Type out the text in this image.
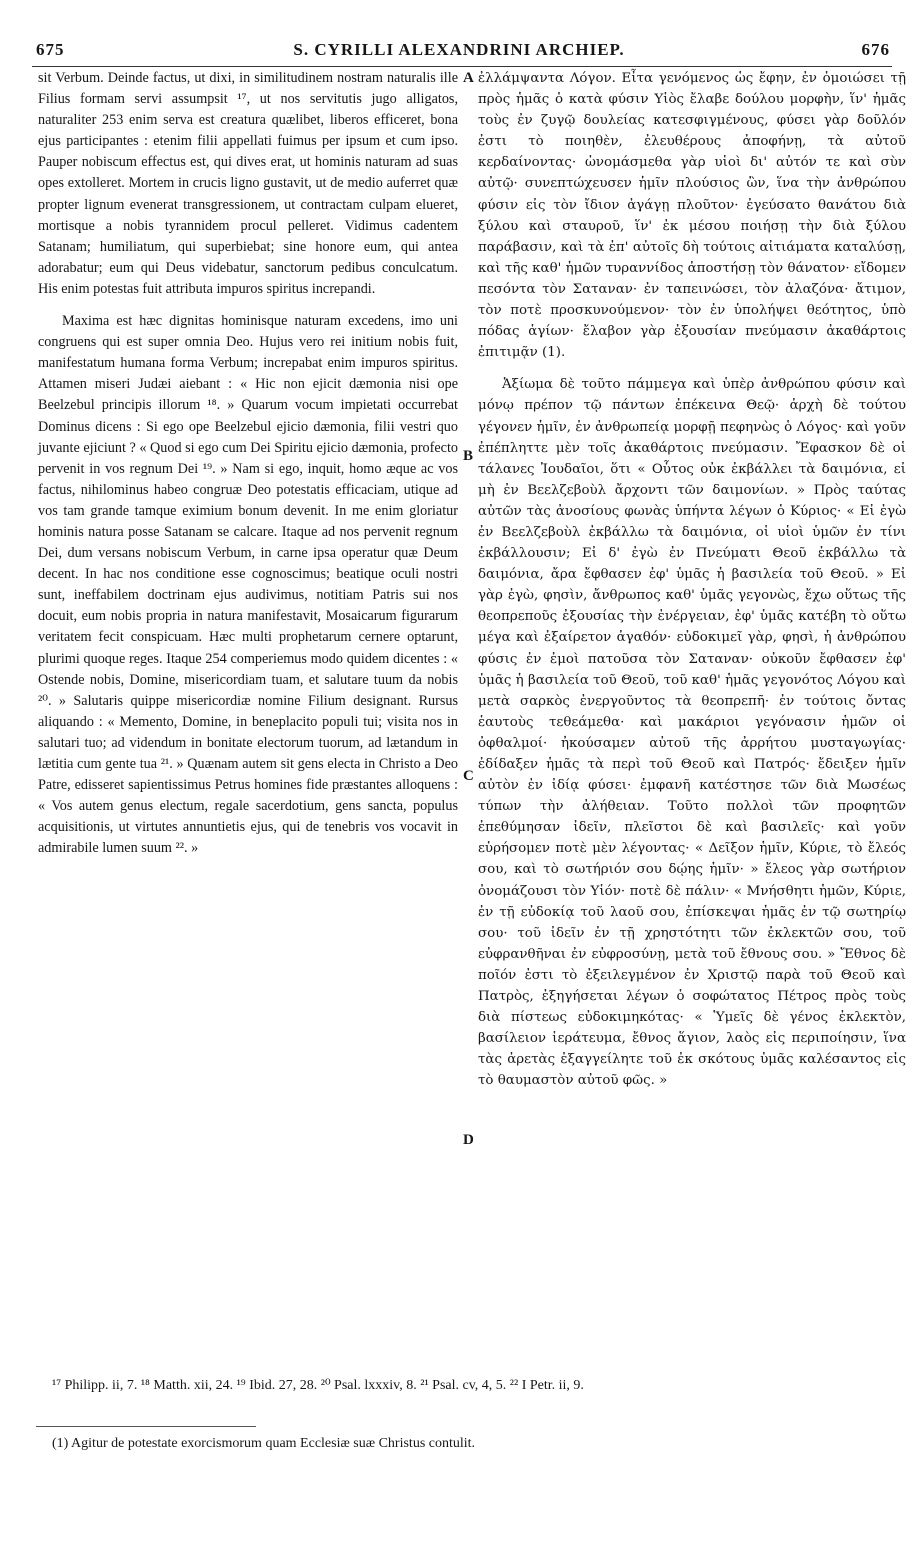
675	S. CYRILLI ALEXANDRINI ARCHIEP.	676
A
B
C
D

sit Verbum. Deinde factus, ut dixi, in similitudinem nostram naturalis ille Filius formam servi assumpsit ¹⁷, ut nos servitutis jugo alligatos, naturaliter 253 enim serva est creatura quælibet, liberos efficeret, bona ejus participantes : etenim filii appellati fuimus per ipsum et cum ipso. Pauper nobiscum effectus est, qui dives erat, ut hominis naturam ad suas opes extolleret. Mortem in crucis ligno gustavit, ut de medio auferret quæ propter lignum evenerat transgressionem, ut contractam culpam elueret, mortisque a nobis tyrannidem procul pelleret. Vidimus cadentem Satanam; humiliatum, qui superbiebat; sine honore eum, qui antea adorabatur; eum qui Deus videbatur, sanctorum pedibus conculcatum. His enim potestas fuit attributa impuros spiritus increpandi.

Maxima est hæc dignitas hominisque naturam excedens, imo uni congruens qui est super omnia Deo. Hujus vero rei initium nobis fuit, manifestatum humana forma Verbum; increpabat enim impuros spiritus. Attamen miseri Judæi aiebant : « Hic non ejicit dæmonia nisi ope Beelzebul principis illorum ¹⁸. » Quarum vocum impietati occurrebat Dominus dicens : Si ego ope Beelzebul ejicio dæmonia, filii vestri quo juvante ejiciunt ? « Quod si ego cum Dei Spiritu ejicio dæmonia, profecto pervenit in vos regnum Dei ¹⁹. » Nam si ego, inquit, homo æque ac vos factus, nihilominus habeo congruæ Deo potestatis efficaciam, utique ad vos tam grande tamque eximium bonum devenit. In me enim gloriatur hominis natura posse Satanam se calcare. Itaque ad nos pervenit regnum Dei, dum versans nobiscum Verbum, in carne ipsa operatur quæ Deum decent. In hac nos conditione esse cognoscimus; beatique oculi nostri sunt, ineffabilem doctrinam ejus audivimus, notitiam Patris sui nos docuit, eum nobis propria in natura manifestavit, Mosaicarum figurarum veritatem fecit conspicuam. Hæc multi prophetarum cernere optarunt, plurimi quoque reges. Itaque 254 comperiemus modo quidem dicentes : « Ostende nobis, Domine, misericordiam tuam, et salutare tuum da nobis ²⁰. » Salutaris quippe misericordiæ nomine Filium designant. Rursus aliquando : « Memento, Domine, in beneplacito populi tui; visita nos in salutari tuo; ad videndum in bonitate electorum tuorum, ad lætandum in lætitia cum gente tua ²¹. » Quænam autem sit gens electa in Christo a Deo Patre, edisseret sapientissimus Petrus homines fide præstantes alloquens : « Vos autem genus electum, regale sacerdotium, gens sancta, populus acquisitionis, ut virtutes annuntietis ejus, qui de tenebris vos vocavit in admirabile lumen suum ²². »

ἐλλάμψαντα Λόγον. Εἶτα γενόμενος ὡς ἔφην, ἐν ὁμοιώσει τῇ πρὸς ἡμᾶς ὁ κατὰ φύσιν Υἱὸς ἔλαβε δούλου μορφὴν, ἵν' ἡμᾶς τοὺς ἐν ζυγῷ δουλείας κατεσφιγμένους, φύσει γὰρ δοῦλόν ἐστι τὸ ποιηθὲν, ἐλευθέρους ἀποφήνῃ, τὰ αὐτοῦ κερδαίνοντας· ὠνομάσμεθα γὰρ υἱοὶ δι' αὐτόν τε καὶ σὺν αὐτῷ· συνεπτώχευσεν ἡμῖν πλούσιος ὢν, ἵνα τὴν ἀνθρώπου φύσιν εἰς τὸν ἴδιον ἀγάγῃ πλοῦτον· ἐγεύσατο θανάτου διὰ ξύλου καὶ σταυροῦ, ἵν' ἐκ μέσου ποιήσῃ τὴν διὰ ξύλου παράβασιν, καὶ τὰ ἐπ' αὐτοῖς δὴ τούτοις αἰτιάματα καταλύσῃ, καὶ τῆς καθ' ἡμῶν τυραννίδος ἀποστήσῃ τὸν θάνατον· εἴδομεν πεσόντα τὸν Σαταναν· ἐν ταπεινώσει, τὸν ἀλαζόνα· ἄτιμον, τὸν ποτὲ προσκυνούμενον· τὸν ἐν ὑπολήψει θεότητος, ὑπὸ πόδας ἁγίων· ἔλαβον γὰρ ἐξουσίαν πνεύμασιν ἀκαθάρτοις ἐπιτιμᾷν (1).

Ἀξίωμα δὲ τοῦτο πάμμεγα καὶ ὑπὲρ ἀνθρώπου φύσιν καὶ μόνῳ πρέπον τῷ πάντων ἐπέκεινα Θεῷ· ἀρχὴ δὲ τούτου γέγονεν ἡμῖν, ἐν ἀνθρωπείᾳ μορφῇ πεφηνὼς ὁ Λόγος· καὶ γοῦν ἐπέπληττε μὲν τοῖς ἀκαθάρτοις πνεύμασιν. Ἔφασκον δὲ οἱ τάλανες Ἰουδαῖοι, ὅτι « Οὗτος οὐκ ἐκβάλλει τὰ δαιμόνια, εἰ μὴ ἐν Βεελζεβοὺλ ἄρχοντι τῶν δαιμονίων. » Πρὸς ταύτας αὐτῶν τὰς ἀνοσίους φωνὰς ὑπήντα λέγων ὁ Κύριος· « Εἰ ἐγὼ ἐν Βεελζεβοὺλ ἐκβάλλω τὰ δαιμόνια, οἱ υἱοὶ ὑμῶν ἐν τίνι ἐκβάλλουσιν; Εἰ δ' ἐγὼ ἐν Πνεύματι Θεοῦ ἐκβάλλω τὰ δαιμόνια, ἄρα ἔφθασεν ἐφ' ὑμᾶς ἡ βασιλεία τοῦ Θεοῦ. » Εἰ γὰρ ἐγὼ, φησὶν, ἄνθρωπος καθ' ὑμᾶς γεγονὼς, ἔχω οὕτως τῆς θεοπρεποῦς ἐξουσίας τὴν ἐνέργειαν, ἐφ' ὑμᾶς κατέβη τὸ οὕτω μέγα καὶ ἐξαίρετον ἀγαθόν· εὐδοκιμεῖ γὰρ, φησὶ, ἡ ἀνθρώπου φύσις ἐν ἐμοὶ πατοῦσα τὸν Σαταναν· οὐκοῦν ἔφθασεν ἐφ' ὑμᾶς ἡ βασιλεία τοῦ Θεοῦ, τοῦ καθ' ἡμᾶς γεγονότος Λόγου καὶ μετὰ σαρκὸς ἐνεργοῦντος τὰ θεοπρεπῆ· ἐν τούτοις ὄντας ἑαυτοὺς τεθεάμεθα· καὶ μακάριοι γεγόνασιν ἡμῶν οἱ ὀφθαλμοί· ἠκούσαμεν αὐτοῦ τῆς ἀρρήτου μυσταγωγίας· ἐδίδαξεν ἡμᾶς τὰ περὶ τοῦ Θεοῦ καὶ Πατρός· ἔδειξεν ἡμῖν αὐτὸν ἐν ἰδίᾳ φύσει· ἐμφανῆ κατέστησε τῶν διὰ Μωσέως τύπων τὴν ἀλήθειαν. Τοῦτο πολλοὶ τῶν προφητῶν ἐπεθύμησαν ἰδεῖν, πλεῖστοι δὲ καὶ βασιλεῖς· καὶ γοῦν εὑρήσομεν ποτὲ μὲν λέγοντας· « Δεῖξον ἡμῖν, Κύριε, τὸ ἔλεός σου, καὶ τὸ σωτήριόν σου δῴης ἡμῖν· » ἔλεος γὰρ σωτήριον ὀνομάζουσι τὸν Υἱόν· ποτὲ δὲ πάλιν· « Μνήσθητι ἡμῶν, Κύριε, ἐν τῇ εὐδοκίᾳ τοῦ λαοῦ σου, ἐπίσκεψαι ἡμᾶς ἐν τῷ σωτηρίῳ σου· τοῦ ἰδεῖν ἐν τῇ χρηστότητι τῶν ἐκλεκτῶν σου, τοῦ εὐφρανθῆναι ἐν εὐφροσύνῃ, μετὰ τοῦ ἔθνους σου. » Ἔθνος δὲ ποῖόν ἐστι τὸ ἐξειλεγμένον ἐν Χριστῷ παρὰ τοῦ Θεοῦ καὶ Πατρὸς, ἐξηγήσεται λέγων ὁ σοφώτατος Πέτρος πρὸς τοὺς διὰ πίστεως εὐδοκιμηκότας· « Ὑμεῖς δὲ γένος ἐκλεκτὸν, βασίλειον ἱεράτευμα, ἔθνος ἅγιον, λαὸς εἰς περιποίησιν, ἵνα τὰς ἀρετὰς ἐξαγγείλητε τοῦ ἐκ σκότους ὑμᾶς καλέσαντος εἰς τὸ θαυμαστὸν αὐτοῦ φῶς. »

¹⁷ Philipp. ii, 7. ¹⁸ Matth. xii, 24. ¹⁹ Ibid. 27, 28. ²⁰ Psal. lxxxiv, 8. ²¹ Psal. cv, 4, 5. ²² I Petr. ii, 9.
(1) Agitur de potestate exorcismorum quam Ecclesiæ suæ Christus contulit.
